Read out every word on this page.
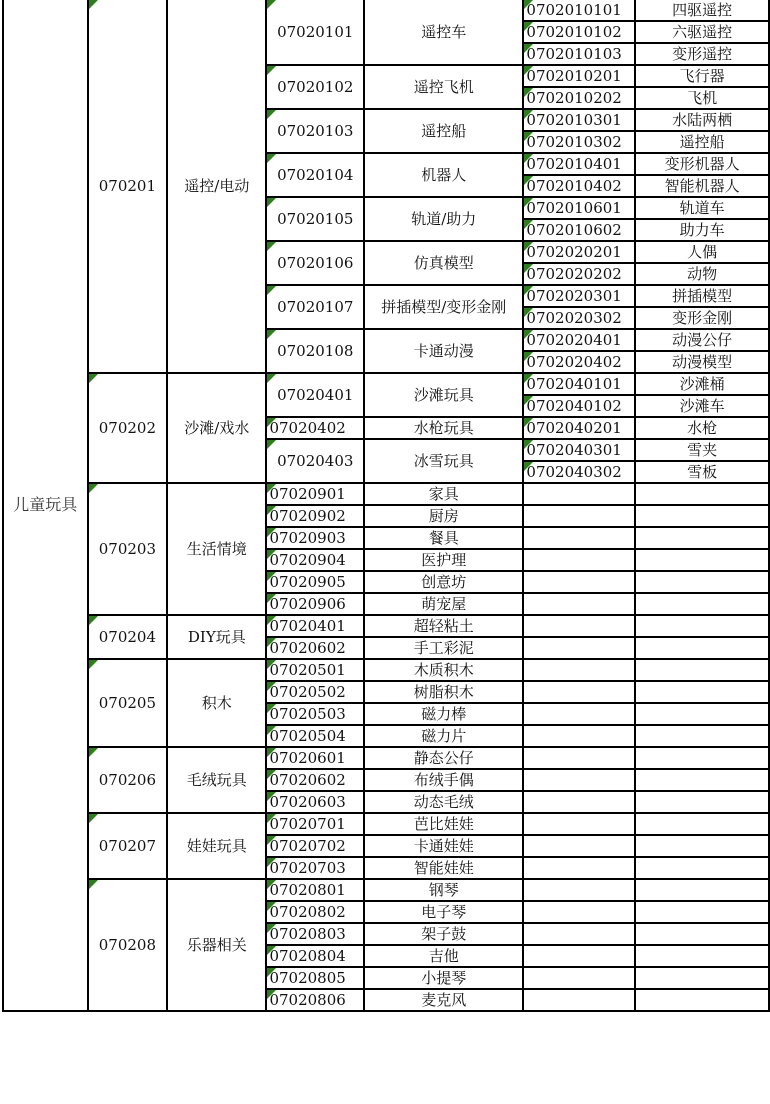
儿童玩具	070201	遥控/电动	07020101	遥控车	0702010101	四驱遥控
					0702010102	六驱遥控
					0702010103	变形遥控
			07020102	遥控飞机	0702010201	飞行器
					0702010202	飞机
			07020103	遥控船	0702010301	水陆两栖
					0702010302	遥控船
			07020104	机器人	0702010401	变形机器人
					0702010402	智能机器人
			07020105	轨道/助力	0702010601	轨道车
					0702010602	助力车
			07020106	仿真模型	0702020201	人偶
					0702020202	动物
			07020107	拼插模型/变形金刚	0702020301	拼插模型
					0702020302	变形金刚
			07020108	卡通动漫	0702020401	动漫公仔
					0702020402	动漫模型
	070202	沙滩/戏水	07020401	沙滩玩具	0702040101	沙滩桶
					0702040102	沙滩车
			07020402	水枪玩具	0702040201	水枪
			07020403	冰雪玩具	0702040301	雪夹
					0702040302	雪板
	070203	生活情境	07020901	家具		
			07020902	厨房		
			07020903	餐具		
			07020904	医护理		
			07020905	创意坊		
			07020906	萌宠屋		
	070204	DIY玩具	07020401	超轻粘土		
			07020602	手工彩泥		
	070205	积木	07020501	木质积木		
			07020502	树脂积木		
			07020503	磁力棒		
			07020504	磁力片		
	070206	毛绒玩具	07020601	静态公仔		
			07020602	布绒手偶		
			07020603	动态毛绒		
	070207	娃娃玩具	07020701	芭比娃娃		
			07020702	卡通娃娃		
			07020703	智能娃娃		
	070208	乐器相关	07020801	钢琴		
			07020802	电子琴		
			07020803	架子鼓		
			07020804	吉他		
			07020805	小提琴		
			07020806	麦克风		
